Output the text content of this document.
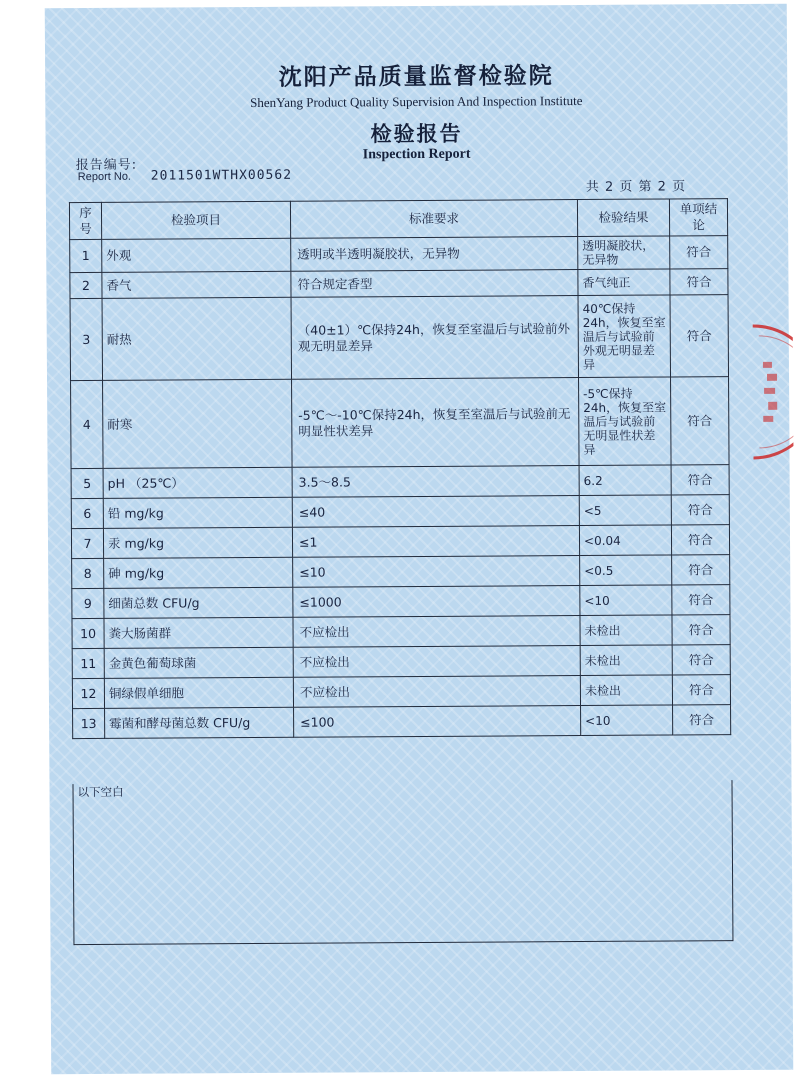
沈阳产品质量监督检验院
ShenYang Product Quality Supervision And Inspection Institute
检验报告
Inspection Report
报告编号:
Report No. 2011501WTHX00562
共 2 页 第 2 页
序号	检验项目	标准要求	检验结果	单项结论
1	外观	透明或半透明凝胶状，无异物	透明凝胶状，无异物	符合
2	香气	符合规定香型	香气纯正	符合
3	耐热	（40±1）℃保持24h，恢复至室温后与试验前外观无明显差异	40℃保持24h，恢复至室温后与试验前外观无明显差异	符合
4	耐寒	-5℃～-10℃保持24h，恢复至室温后与试验前无明显性状差异	-5℃保持24h，恢复至室温后与试验前无明显性状差异	符合
5	pH （25℃）	3.5～8.5	6.2	符合
6	铅 mg/kg	≤40	<5	符合
7	汞 mg/kg	≤1	<0.04	符合
8	砷 mg/kg	≤10	<0.5	符合
9	细菌总数 CFU/g	≤1000	<10	符合
10	粪大肠菌群	不应检出	未检出	符合
11	金黄色葡萄球菌	不应检出	未检出	符合
12	铜绿假单细胞	不应检出	未检出	符合
13	霉菌和酵母菌总数 CFU/g	≤100	<10	符合
以下空白
